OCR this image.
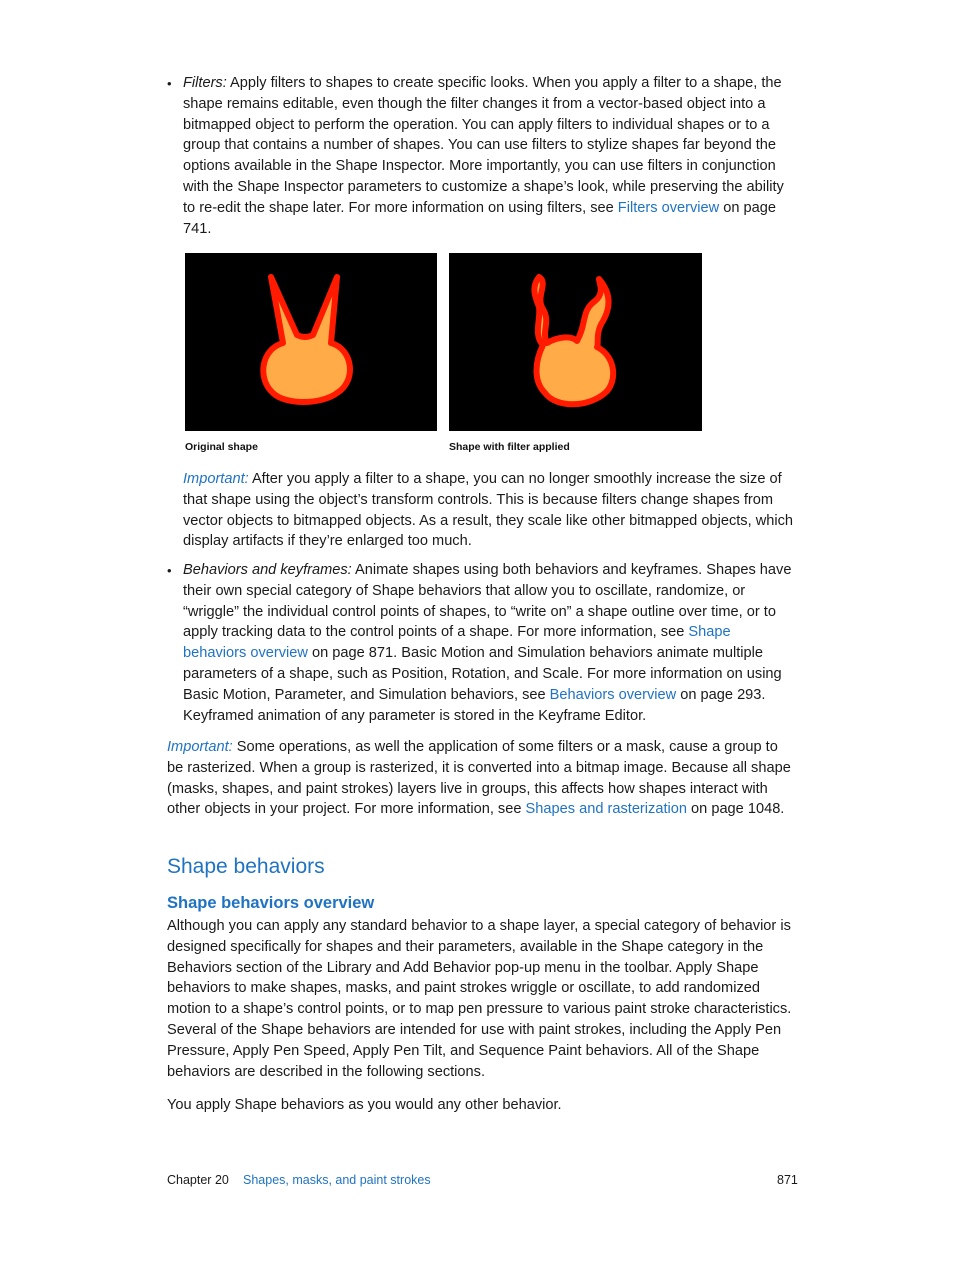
• Filters: Apply filters to shapes to create specific looks. When you apply a filter to a shape, the shape remains editable, even though the filter changes it from a vector-based object into a bitmapped object to perform the operation. You can apply filters to individual shapes or to a group that contains a number of shapes. You can use filters to stylize shapes far beyond the options available in the Shape Inspector. More importantly, you can use filters in conjunction with the Shape Inspector parameters to customize a shape’s look, while preserving the ability to re-edit the shape later. For more information on using filters, see Filters overview on page 741.
Original shape	Shape with filter applied
Important: After you apply a filter to a shape, you can no longer smoothly increase the size of that shape using the object’s transform controls. This is because filters change shapes from vector objects to bitmapped objects. As a result, they scale like other bitmapped objects, which display artifacts if they’re enlarged too much.
• Behaviors and keyframes: Animate shapes using both behaviors and keyframes. Shapes have their own special category of Shape behaviors that allow you to oscillate, randomize, or “wriggle” the individual control points of shapes, to “write on” a shape outline over time, or to apply tracking data to the control points of a shape. For more information, see Shape behaviors overview on page 871. Basic Motion and Simulation behaviors animate multiple parameters of a shape, such as Position, Rotation, and Scale. For more information on using Basic Motion, Parameter, and Simulation behaviors, see Behaviors overview on page 293. Keyframed animation of any parameter is stored in the Keyframe Editor.
Important: Some operations, as well the application of some filters or a mask, cause a group to be rasterized. When a group is rasterized, it is converted into a bitmap image. Because all shape (masks, shapes, and paint strokes) layers live in groups, this affects how shapes interact with other objects in your project. For more information, see Shapes and rasterization on page 1048.
Shape behaviors
Shape behaviors overview
Although you can apply any standard behavior to a shape layer, a special category of behavior is designed specifically for shapes and their parameters, available in the Shape category in the Behaviors section of the Library and Add Behavior pop-up menu in the toolbar. Apply Shape behaviors to make shapes, masks, and paint strokes wriggle or oscillate, to add randomized motion to a shape’s control points, or to map pen pressure to various paint stroke characteristics. Several of the Shape behaviors are intended for use with paint strokes, including the Apply Pen Pressure, Apply Pen Speed, Apply Pen Tilt, and Sequence Paint behaviors. All of the Shape behaviors are described in the following sections.
You apply Shape behaviors as you would any other behavior.
Chapter 20 Shapes, masks, and paint strokes	871
